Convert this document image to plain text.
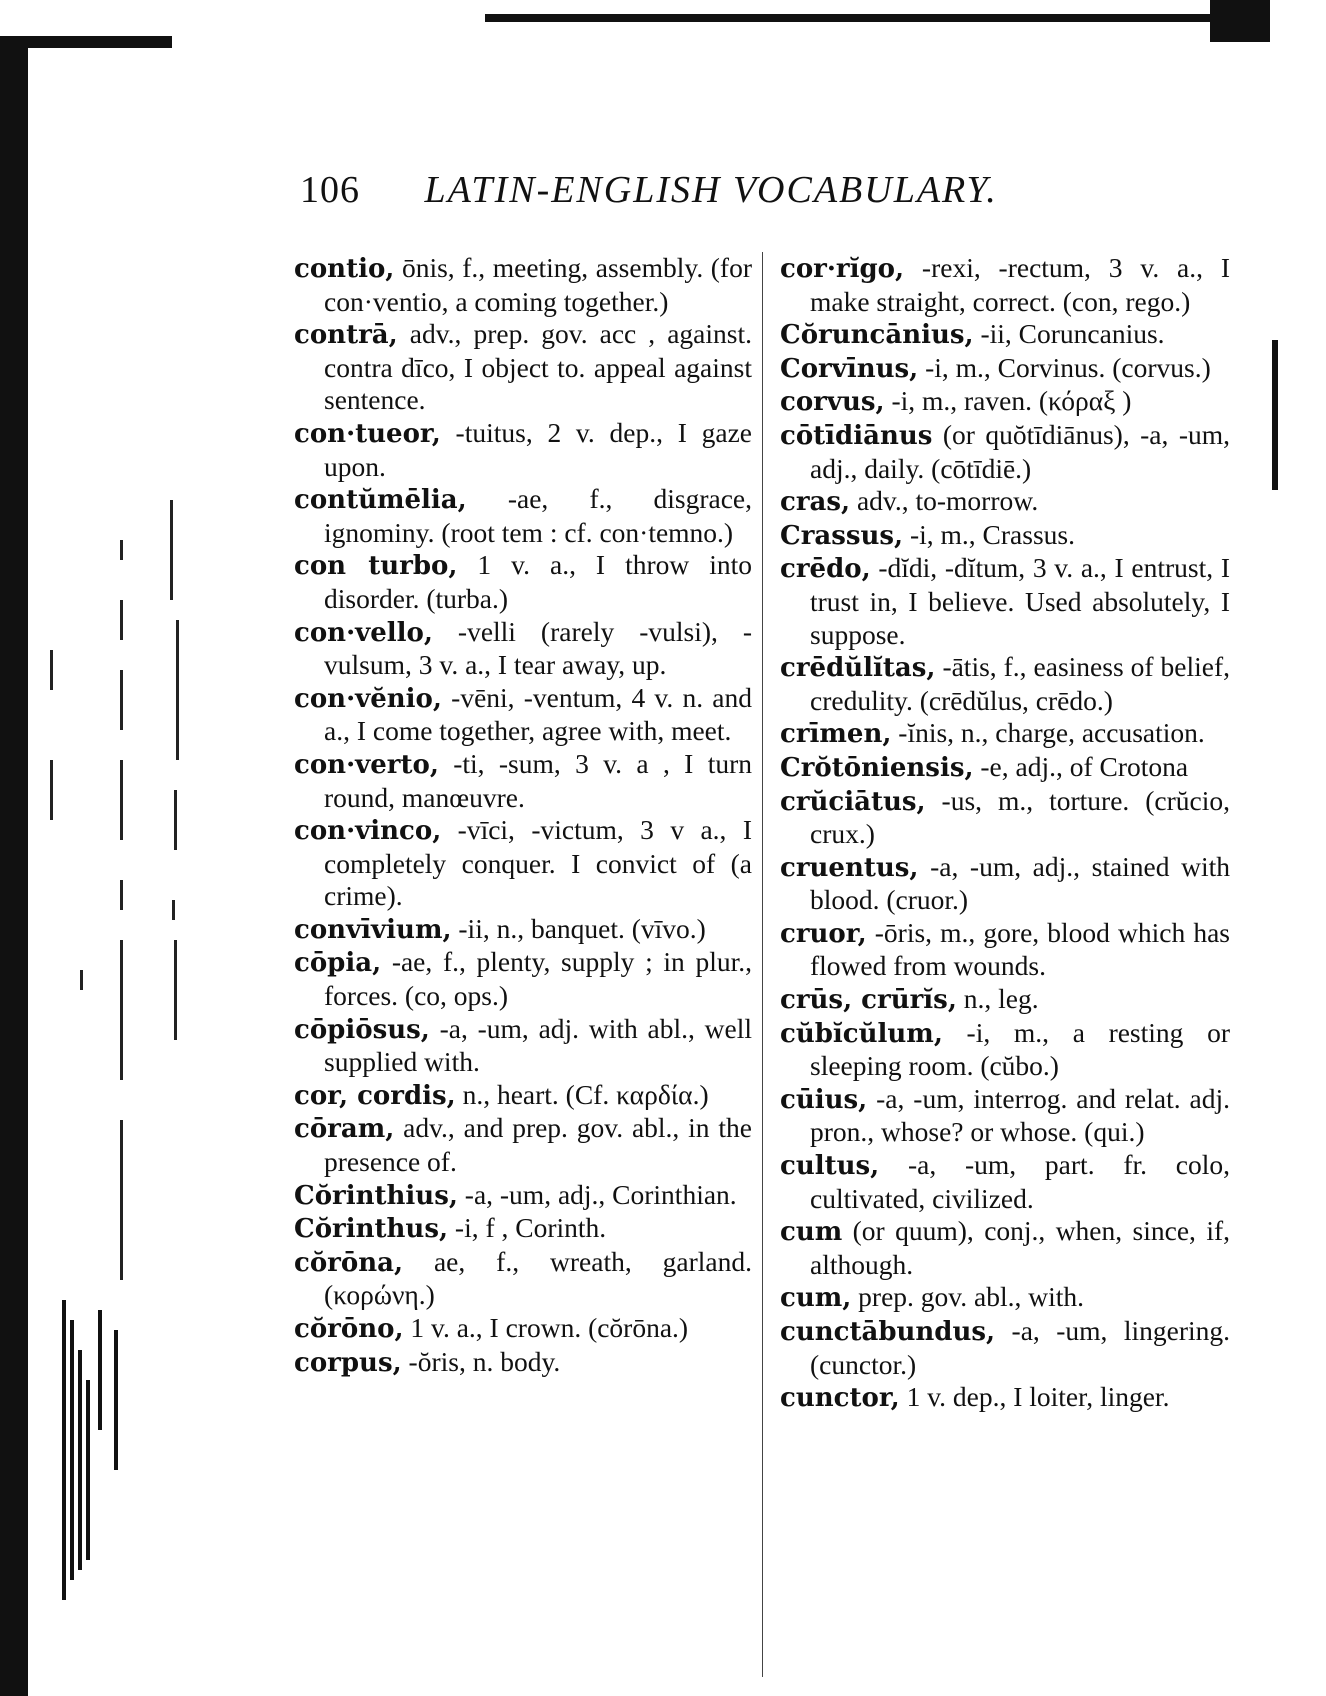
106 LATIN-ENGLISH VOCABULARY.

contio, ōnis, f., meeting, assembly. (for con·ventio, a coming together.)

contrā, adv., prep. gov. acc , against. contra dīco, I object to. appeal against sentence.

con·tueor, -tuitus, 2 v. dep., I gaze upon.

contŭmēlia, -ae, f., disgrace, ignominy. (root tem : cf. con·temno.)

con turbo, 1 v. a., I throw into disorder. (turba.)

con·vello, -velli (rarely -vulsi), -vulsum, 3 v. a., I tear away, up.

con·vĕnio, -vēni, -ventum, 4 v. n. and a., I come together, agree with, meet.

con·verto, -ti, -sum, 3 v. a , I turn round, manœuvre.

con·vinco, -vīci, -victum, 3 v a., I completely conquer. I convict of (a crime).

convīvium, -ii, n., banquet. (vīvo.)

cōpia, -ae, f., plenty, supply ; in plur., forces. (co, ops.)

cōpiōsus, -a, -um, adj. with abl., well supplied with.

cor, cordis, n., heart. (Cf. καρδία.)

cōram, adv., and prep. gov. abl., in the presence of.

Cŏrinthius, -a, -um, adj., Corinthian.

Cŏrinthus, -i, f , Corinth.

cŏrōna, ae, f., wreath, garland. (κορώνη.)

cŏrōno, 1 v. a., I crown. (cŏrōna.)

corpus, -ŏris, n. body.

cor·rĭgo, -rexi, -rectum, 3 v. a., I make straight, correct. (con, rego.)

Cŏruncānius, -ii, Coruncanius.

Corvīnus, -i, m., Corvinus. (corvus.)

corvus, -i, m., raven. (κόραξ )

cōtīdiānus (or quŏtīdiānus), -a, -um, adj., daily. (cōtīdiē.)

cras, adv., to-morrow.

Crassus, -i, m., Crassus.

crēdo, -dĭdi, -dĭtum, 3 v. a., I entrust, I trust in, I believe. Used absolutely, I suppose.

crēdŭlĭtas, -ātis, f., easiness of belief, credulity. (crēdŭlus, crēdo.)

crīmen, -ĭnis, n., charge, accusation.

Crŏtōniensis, -e, adj., of Crotona

crŭciātus, -us, m., torture. (crŭcio, crux.)

cruentus, -a, -um, adj., stained with blood. (cruor.)

cruor, -ōris, m., gore, blood which has flowed from wounds.

crūs, crūrĭs, n., leg.

cŭbĭcŭlum, -i, m., a resting or sleeping room. (cŭbo.)

cūius, -a, -um, interrog. and relat. adj. pron., whose? or whose. (qui.)

cultus, -a, -um, part. fr. colo, cultivated, civilized.

cum (or quum), conj., when, since, if, although.

cum, prep. gov. abl., with.

cunctābundus, -a, -um, lingering. (cunctor.)

cunctor, 1 v. dep., I loiter, linger.
